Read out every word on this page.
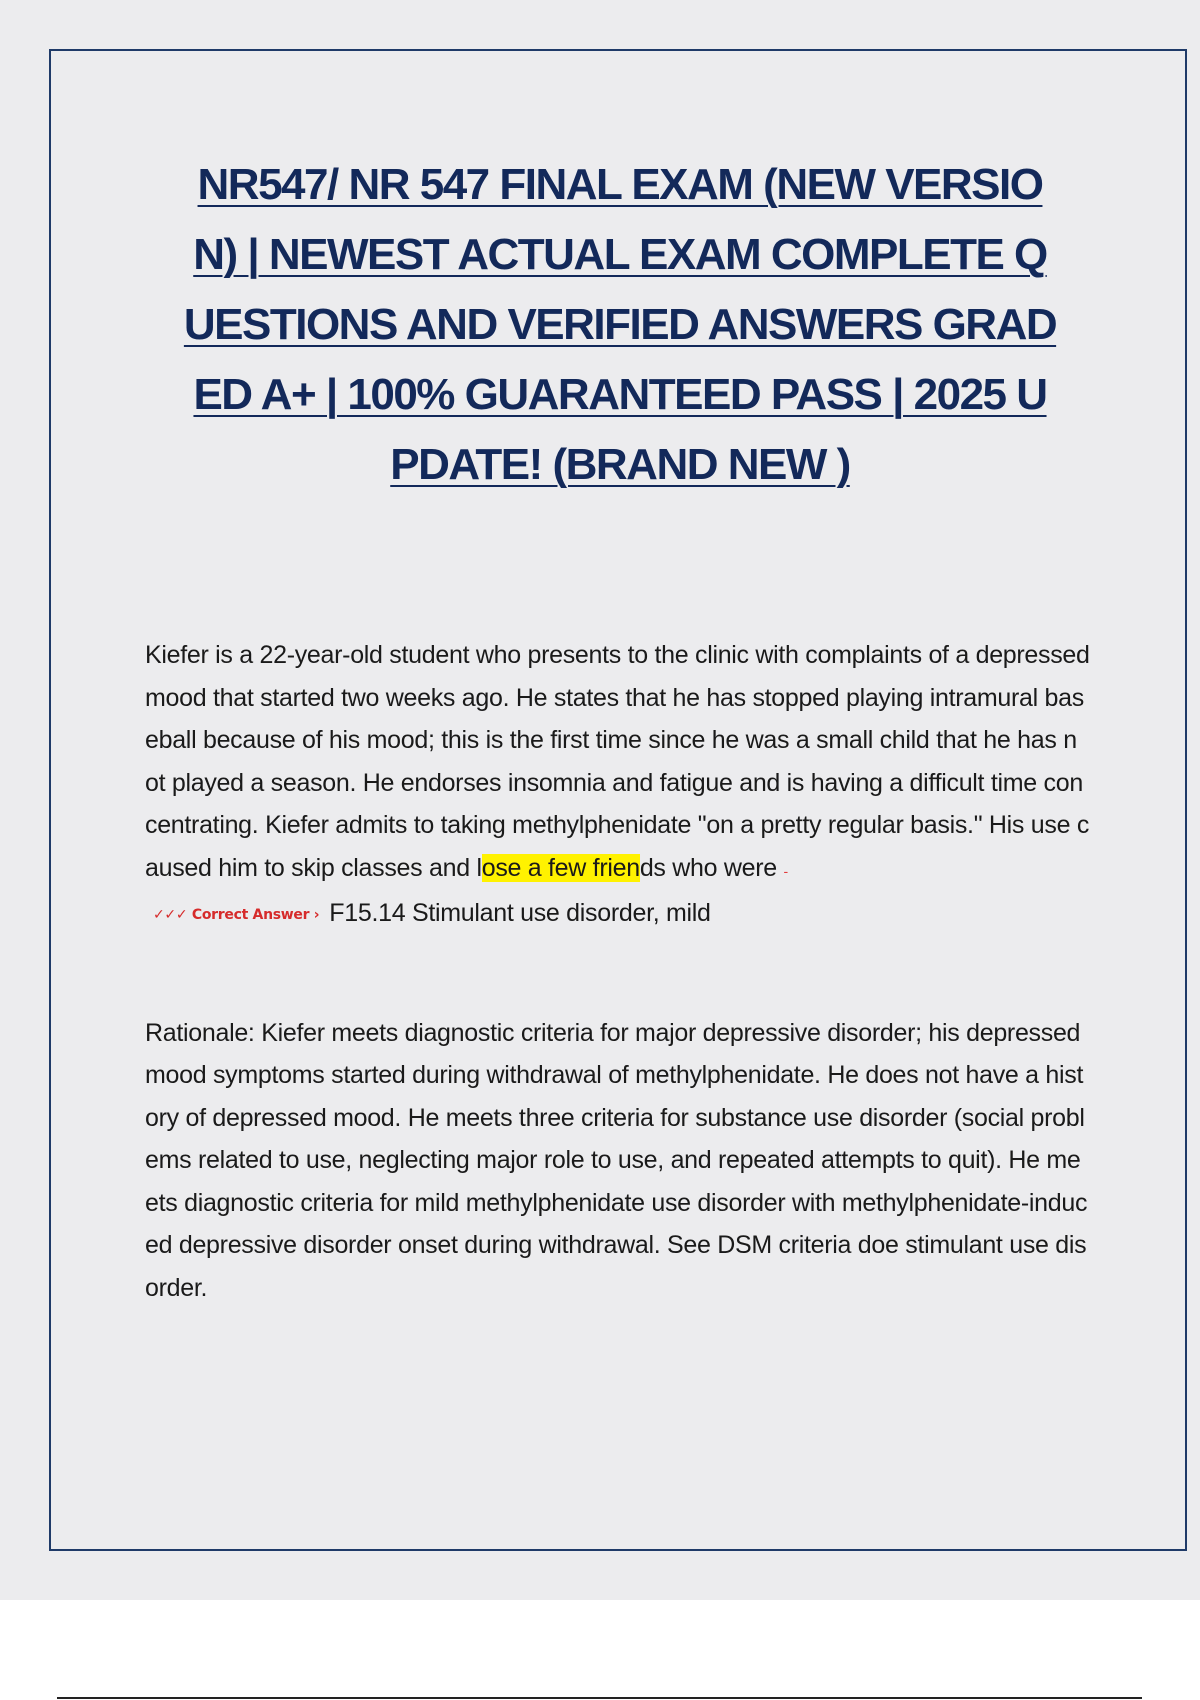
NR547/ NR 547 FINAL EXAM (NEW VERSION) | NEWEST ACTUAL EXAM COMPLETE QUESTIONS AND VERIFIED ANSWERS GRADED A+ | 100% GUARANTEED PASS | 2025 UPDATE! (BRAND NEW )

Kiefer is a 22-year-old student who presents to the clinic with complaints of a depressed mood that started two weeks ago. He states that he has stopped playing intramural baseball because of his mood; this is the first time since he was a small child that he has not played a season. He endorses insomnia and fatigue and is having a difficult time concentrating. Kiefer admits to taking methylphenidate "on a pretty regular basis." His use caused him to skip classes and lose a few friends who were -

✓✓✓ Correct Answer › F15.14 Stimulant use disorder, mild

Rationale: Kiefer meets diagnostic criteria for major depressive disorder; his depressed mood symptoms started during withdrawal of methylphenidate. He does not have a history of depressed mood. He meets three criteria for substance use disorder (social problems related to use, neglecting major role to use, and repeated attempts to quit). He meets diagnostic criteria for mild methylphenidate use disorder with methylphenidate-induced depressive disorder onset during withdrawal. See DSM criteria doe stimulant use disorder.
